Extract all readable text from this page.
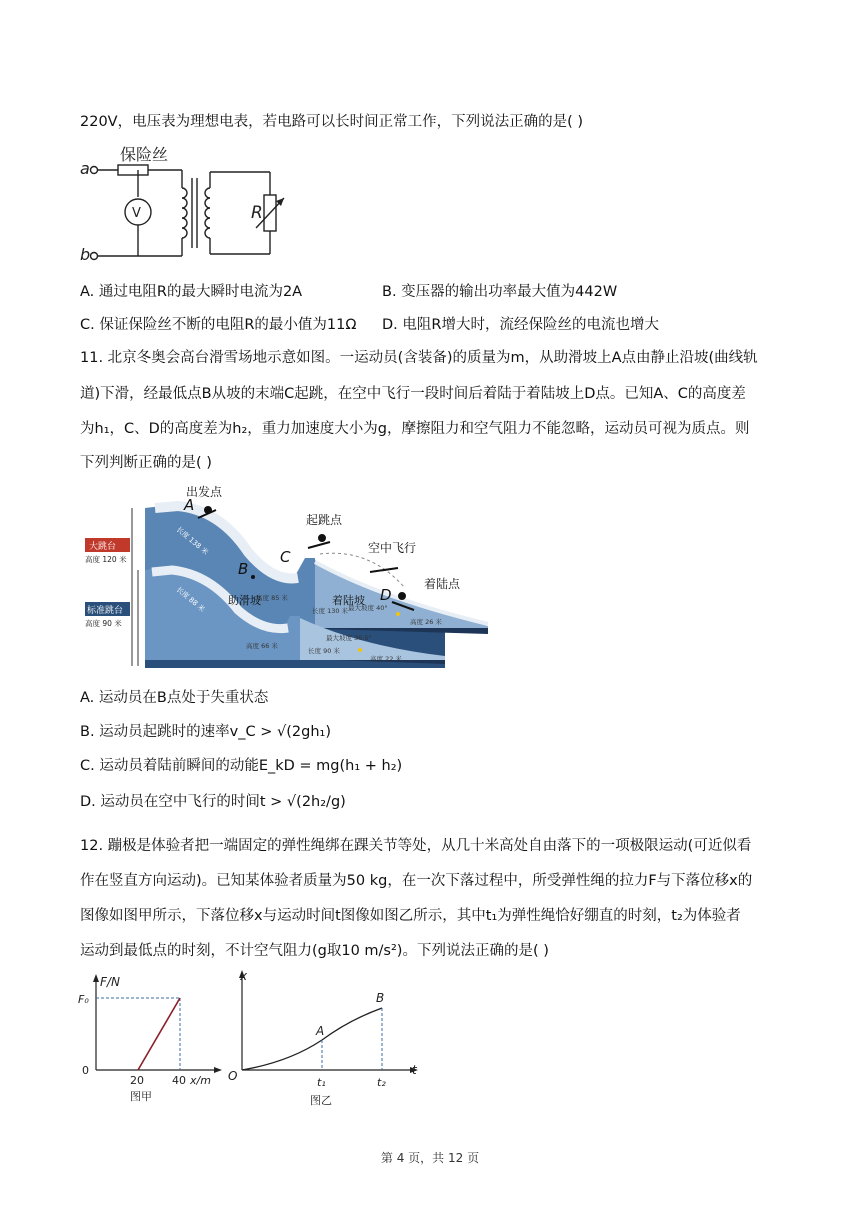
220V，电压表为理想电表，若电路可以长时间正常工作，下列说法正确的是( )
保险丝
a
b
V	R
A. 通过电阻R的最大瞬时电流为2A	B. 变压器的输出功率最大值为442W
C. 保证保险丝不断的电阻R的最小值为11Ω D. 电阻R增大时，流经保险丝的电流也增大
11. 北京冬奥会高台滑雪场地示意如图。一运动员(含装备)的质量为m，从助滑坡上A点由静止沿坡(曲线轨
道)下滑，经最低点B从坡的末端C起跳，在空中飞行一段时间后着陆于着陆坡上D点。已知A、C的高度差
为h₁，C、D的高度差为h₂，重力加速度大小为g，摩擦阻力和空气阻力不能忽略，运动员可视为质点。则
下列判断正确的是( )
大跳台
高度 120 米
标准跳台
高度 90 米
A
B
C
D
出发点
起跳点
空中飞行
着陆点
助滑坡	着陆坡
长度 138 米
长度 88 米	高度 85 米
长度 130 米 最大坡度 40°
高度 26 米
高度 66 米
长度 90 米
最大坡度 36.5°
高度 22 米
A. 运动员在B点处于失重状态
B. 运动员起跳时的速率v_C > √(2gh₁)
C. 运动员着陆前瞬间的动能E_kD = mg(h₁ + h₂)
D. 运动员在空中飞行的时间t > √(2h₂/g)
12. 蹦极是体验者把一端固定的弹性绳绑在踝关节等处，从几十米高处自由落下的一项极限运动(可近似看
作在竖直方向运动)。已知某体验者质量为50 kg，在一次下落过程中，所受弹性绳的拉力F与下落位移x的
图像如图甲所示，下落位移x与运动时间t图像如图乙所示，其中t₁为弹性绳恰好绷直的时刻，t₂为体验者
运动到最低点的时刻，不计空气阻力(g取10 m/s²)。下列说法正确的是( )
F/N
F₀
0
20	40 x/m
图甲
x
O	t
t₁	t₂
A
B
图乙
第 4 页，共 12 页
